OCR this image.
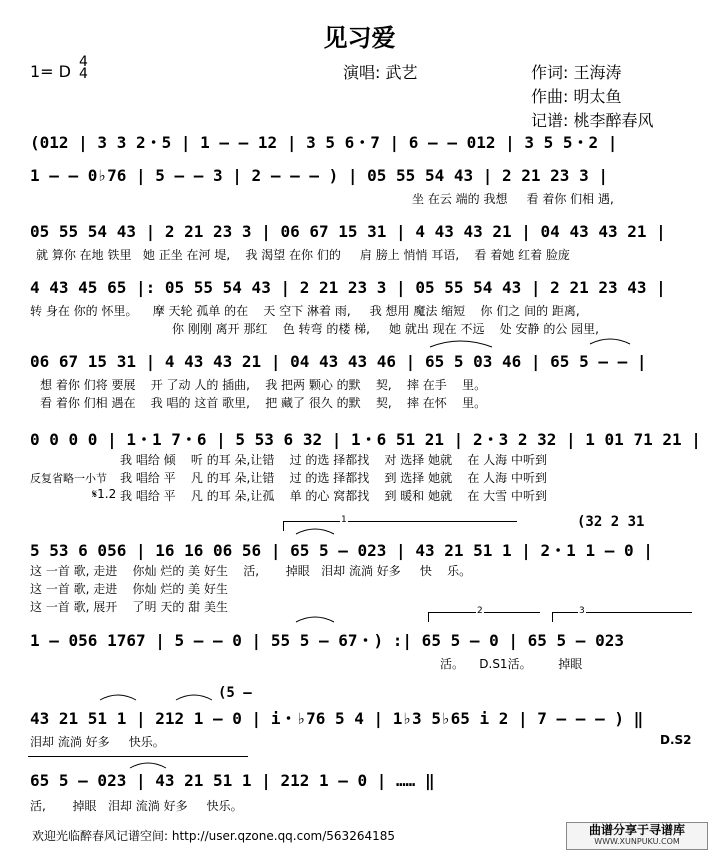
见习爱
1= D 4
4	演唱: 武艺	作词: 王海涛
作曲: 明太鱼
记谱: 桃李醉春风
(012 | 3 3 2・5 | 1 — — 12 | 3 5 6・7 | 6 — — 012 | 3 5 5・2 |
1 — — 0♭76 | 5 — — 3 | 2 — — — ) | 05 55 54 43 | 2 21 23 3 |
坐 在云 端的 我想     看 着你 们相 遇,
05 55 54 43 | 2 21 23 3 | 06 67 15 31 | 4 43 43 21 | 04 43 43 21 |
就 算你 在地 铁里   她 正坐 在河 堤,    我 渴望 在你 们的     肩 膀上 悄悄 耳语,    看 着她 红着 脸庞
4 43 45 65 |: 05 55 54 43 | 2 21 23 3 | 05 55 54 43 | 2 21 23 43 |
转 身在 你的 怀里。    摩 天轮 孤单 的在    天 空下 淋着 雨,     我 想用 魔法 缩短    你 们之 间的 距离,
你 刚刚 离开 那红    色 转弯 的楼 梯,     她 就出 现在 不远    处 安静 的公 园里,
06 67 15 31 | 4 43 43 21 | 04 43 43 46 | 65 5 03 46 | 65 5 — — |
想 着你 们将 要展    开 了动 人的 插曲,    我 把两 颗心 的默    契,    摔 在手    里。
看 着你 们相 遇在    我 唱的 这首 歌里,    把 藏了 很久 的默    契,    摔 在怀    里。
0 0 0 0 | 1・1 7・6 | 5 53 6 32 | 1・6 51 21 | 2・3 2 32 | 1 01 71 21 |
我 唱给 倾    听 的耳 朵,让错    过 的选 择都找    对 选择 她就    在 人海 中听到
反复省略一小节 我 唱给 平    凡 的耳 朵,让错    过 的选 择都找    到 选择 她就    在 人海 中听到
𝄋1.2 我 唱给 平    凡 的耳 朵,让孤    单 的心 窝都找    到 暖和 她就    在 大雪 中听到
1	(32 2 31
5 53 6 056 | 16 16 06 56 | 65 5 — 023 | 43 21 51 1 | 2・1 1 — 0 |
这 一首 歌, 走进    你灿 烂的 美 好生    活,       掉眼   泪却 流淌 好多     快    乐。
这 一首 歌, 走进    你灿 烂的 美 好生
这 一首 歌, 展开    了明 天的 甜 美生	2	3
1 — 056 1767 | 5 — — 0 | 55 5 — 67・) :| 65 5 — 0 | 65 5 — 023
活。    D.S1活。       掉眼
(5 —
43 21 51 1 | 212 1 — 0 | i・♭76 5 4 | 1♭3 5♭65 i 2 | 7 — — — ) ‖
泪却 流淌 好多     快乐。	D.S2
65 5 — 023 | 43 21 51 1 | 212 1 — 0 | …… ‖
活,       掉眼   泪却 流淌 好多     快乐。
欢迎光临醉春风记谱空间: http://user.qzone.qq.com/563264185	曲谱分享于寻谱库
WWW.XUNPUKU.COM
